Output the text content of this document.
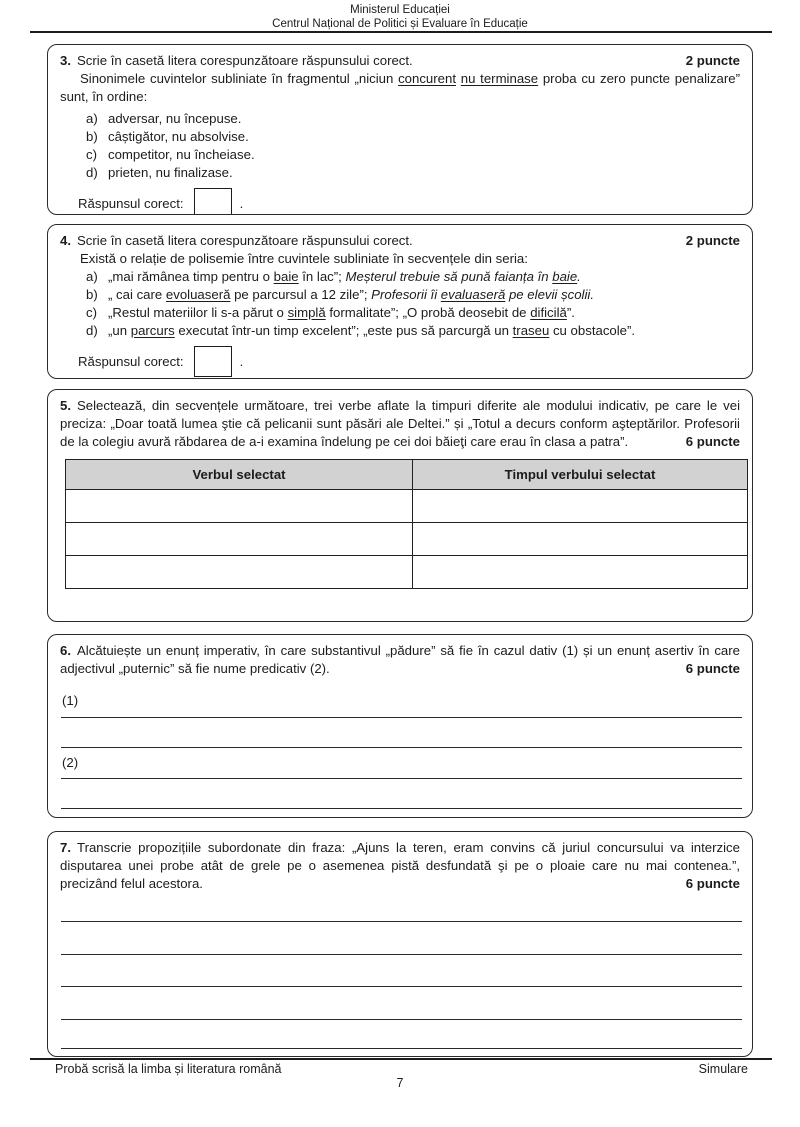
Ministerul Educației
Centrul Național de Politici și Evaluare în Educație
2 puncte
3. Scrie în casetă litera corespunzătoare răspunsului corect.
Sinonimele cuvintelor subliniate în fragmentul „niciun concurent nu terminase proba cu zero puncte penalizare” sunt, în ordine:
a) adversar, nu începuse.
b) câștigător, nu absolvise.
c) competitor, nu încheiase.
d) prieten, nu finalizase.
Răspunsul corect:	.
2 puncte
4. Scrie în casetă litera corespunzătoare răspunsului corect.
Există o relație de polisemie între cuvintele subliniate în secvențele din seria:
a) „mai rămânea timp pentru o baie în lac”; Meșterul trebuie să pună faianța în baie.
b) „ cai care evoluaseră pe parcursul a 12 zile”; Profesorii îi evaluaseră pe elevii școlii.
c) „Restul materiilor li s-a părut o simplă formalitate”; „O probă deosebit de dificilă”.
d) „un parcurs executat într-un timp excelent”; „este pus să parcurgă un traseu cu obstacole”.
Răspunsul corect:	.
5. Selectează, din secvențele următoare, trei verbe aflate la timpuri diferite ale modului indicativ, pe care le vei preciza: „Doar toată lumea ştie că pelicanii sunt păsări ale Deltei.” și „Totul a decurs conform aşteptărilor. Profesorii de la colegiu avură răbdarea de a-i examina îndelung pe cei doi băieţi care erau în clasa a patra”.	6 puncte
Verbul selectat	Timpul verbului selectat

6. Alcătuiește un enunț imperativ, în care substantivul „pădure” să fie în cazul dativ (1) și un enunț asertiv în care adjectivul „puternic” să fie nume predicativ (2).	6 puncte
(1)
(2)
7. Transcrie propozițiile subordonate din fraza: „Ajuns la teren, eram convins că juriul concursului va interzice disputarea unei probe atât de grele pe o asemenea pistă desfundată şi pe o ploaie care nu mai contenea.”, precizând felul acestora.	6 puncte
Probă scrisă la limba și literatura română	Simulare
7
